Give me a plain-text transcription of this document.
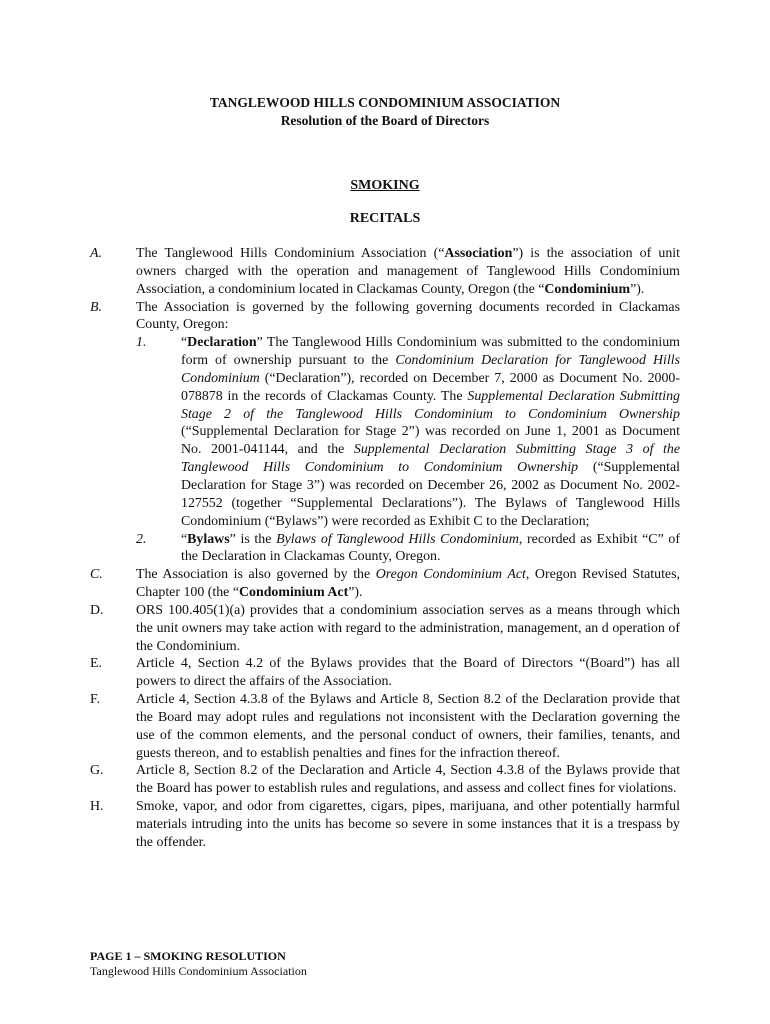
TANGLEWOOD HILLS CONDOMINIUM ASSOCIATION
Resolution of the Board of Directors
SMOKING
RECITALS
A.	The Tanglewood Hills Condominium Association (“Association”) is the association of unit owners charged with the operation and management of Tanglewood Hills Condominium Association, a condominium located in Clackamas County, Oregon (the “Condominium”).
B.	The Association is governed by the following governing documents recorded in Clackamas County, Oregon:
1.	“Declaration” The Tanglewood Hills Condominium was submitted to the condominium form of ownership pursuant to the Condominium Declaration for Tanglewood Hills Condominium (“Declaration”), recorded on December 7, 2000 as Document No. 2000-078878 in the records of Clackamas County. The Supplemental Declaration Submitting Stage 2 of the Tanglewood Hills Condominium to Condominium Ownership (“Supplemental Declaration for Stage 2”) was recorded on June 1, 2001 as Document No. 2001-041144, and the Supplemental Declaration Submitting Stage 3 of the Tanglewood Hills Condominium to Condominium Ownership (“Supplemental Declaration for Stage 3”) was recorded on December 26, 2002 as Document No. 2002-127552 (together “Supplemental Declarations”). The Bylaws of Tanglewood Hills Condominium (“Bylaws”) were recorded as Exhibit C to the Declaration;
2.	“Bylaws” is the Bylaws of Tanglewood Hills Condominium, recorded as Exhibit “C” of the Declaration in Clackamas County, Oregon.
C.	The Association is also governed by the Oregon Condominium Act, Oregon Revised Statutes, Chapter 100 (the “Condominium Act”).
D.	ORS 100.405(1)(a) provides that a condominium association serves as a means through which the unit owners may take action with regard to the administration, management, an d operation of the Condominium.
E.	Article 4, Section 4.2 of the Bylaws provides that the Board of Directors “(Board”) has all powers to direct the affairs of the Association.
F.	Article 4, Section 4.3.8 of the Bylaws and Article 8, Section 8.2 of the Declaration provide that the Board may adopt rules and regulations not inconsistent with the Declaration governing the use of the common elements, and the personal conduct of owners, their families, tenants, and guests thereon, and to establish penalties and fines for the infraction thereof.
G.	Article 8, Section 8.2 of the Declaration and Article 4, Section 4.3.8 of the Bylaws provide that the Board has power to establish rules and regulations, and assess and collect fines for violations.
H.	Smoke, vapor, and odor from cigarettes, cigars, pipes, marijuana, and other potentially harmful materials intruding into the units has become so severe in some instances that it is a trespass by the offender.
PAGE 1 – SMOKING RESOLUTION
Tanglewood Hills Condominium Association
